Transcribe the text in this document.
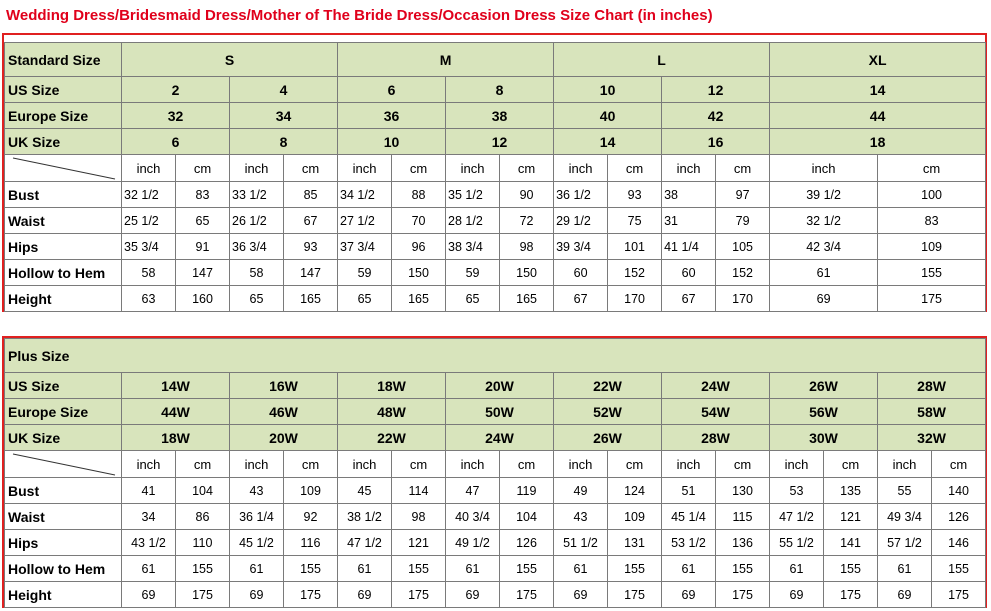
Wedding Dress/Bridesmaid Dress/Mother of The Bride Dress/Occasion Dress Size Chart (in inches)
Standard Size	S				M				L				XL	
US Size	2		4		6		8		10		12		14	
Europe Size	32		34		36		38		40		42		44	
UK Size	6		8		10		12		14		16		18	

	inch	cm	inch	cm	inch	cm	inch	cm	inch	cm	inch	cm	inch	cm
Bust	32 1/2	83	33 1/2	85	34 1/2	88	35 1/2	90	36 1/2	93	38	97	39 1/2	100
Waist	25 1/2	65	26 1/2	67	27 1/2	70	28 1/2	72	29 1/2	75	31	79	32 1/2	83
Hips	35 3/4	91	36 3/4	93	37 3/4	96	38 3/4	98	39 3/4	101	41 1/4	105	42 3/4	109
Hollow to Hem	58	147	58	147	59	150	59	150	60	152	60	152	61	155
Height	63	160	65	165	65	165	65	165	67	170	67	170	69	175
Plus Size																
US Size	14W		16W		18W		20W		22W		24W		26W		28W	
Europe Size	44W		46W		48W		50W		52W		54W		56W		58W	
UK Size	18W		20W		22W		24W		26W		28W		30W		32W	

	inch	cm	inch	cm	inch	cm	inch	cm	inch	cm	inch	cm	inch	cm	inch	cm
Bust	41	104	43	109	45	114	47	119	49	124	51	130	53	135	55	140
Waist	34	86	36 1/4	92	38 1/2	98	40 3/4	104	43	109	45 1/4	115	47 1/2	121	49 3/4	126
Hips	43 1/2	110	45 1/2	116	47 1/2	121	49 1/2	126	51 1/2	131	53 1/2	136	55 1/2	141	57 1/2	146
Hollow to Hem	61	155	61	155	61	155	61	155	61	155	61	155	61	155	61	155
Height	69	175	69	175	69	175	69	175	69	175	69	175	69	175	69	175
